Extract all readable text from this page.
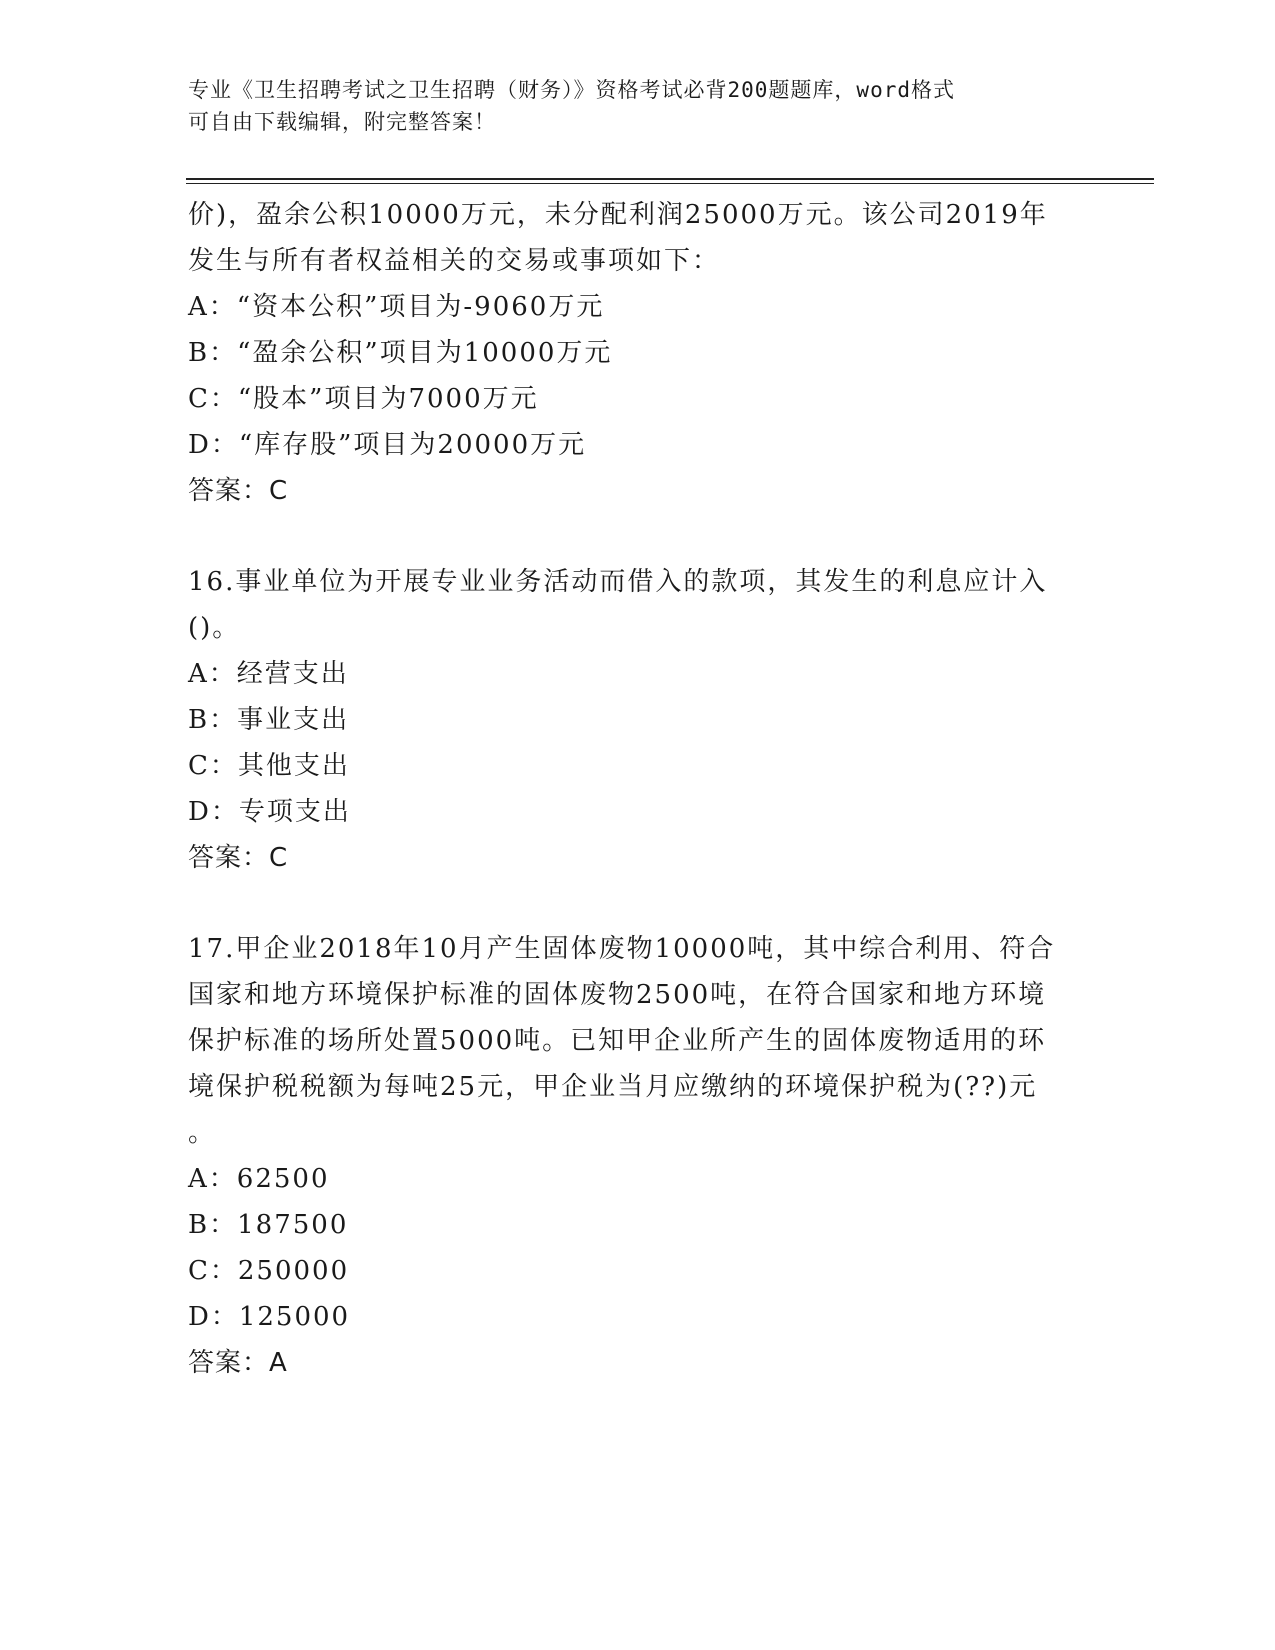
专业《卫生招聘考试之卫生招聘（财务）》资格考试必背200题题库，word格式
可自由下载编辑，附完整答案！
价)，盈余公积10000万元，未分配利润25000万元。该公司2019年
发生与所有者权益相关的交易或事项如下：
A：“资本公积”项目为-9060万元
B：“盈余公积”项目为10000万元
C：“股本”项目为7000万元
D：“库存股”项目为20000万元
答案：C
16.事业单位为开展专业业务活动而借入的款项，其发生的利息应计入
()。
A：经营支出
B：事业支出
C：其他支出
D：专项支出
答案：C
17.甲企业2018年10月产生固体废物10000吨，其中综合利用、符合
国家和地方环境保护标准的固体废物2500吨，在符合国家和地方环境
保护标准的场所处置5000吨。已知甲企业所产生的固体废物适用的环
境保护税税额为每吨25元，甲企业当月应缴纳的环境保护税为(??)元
。
A：62500
B：187500
C：250000
D：125000
答案：A
